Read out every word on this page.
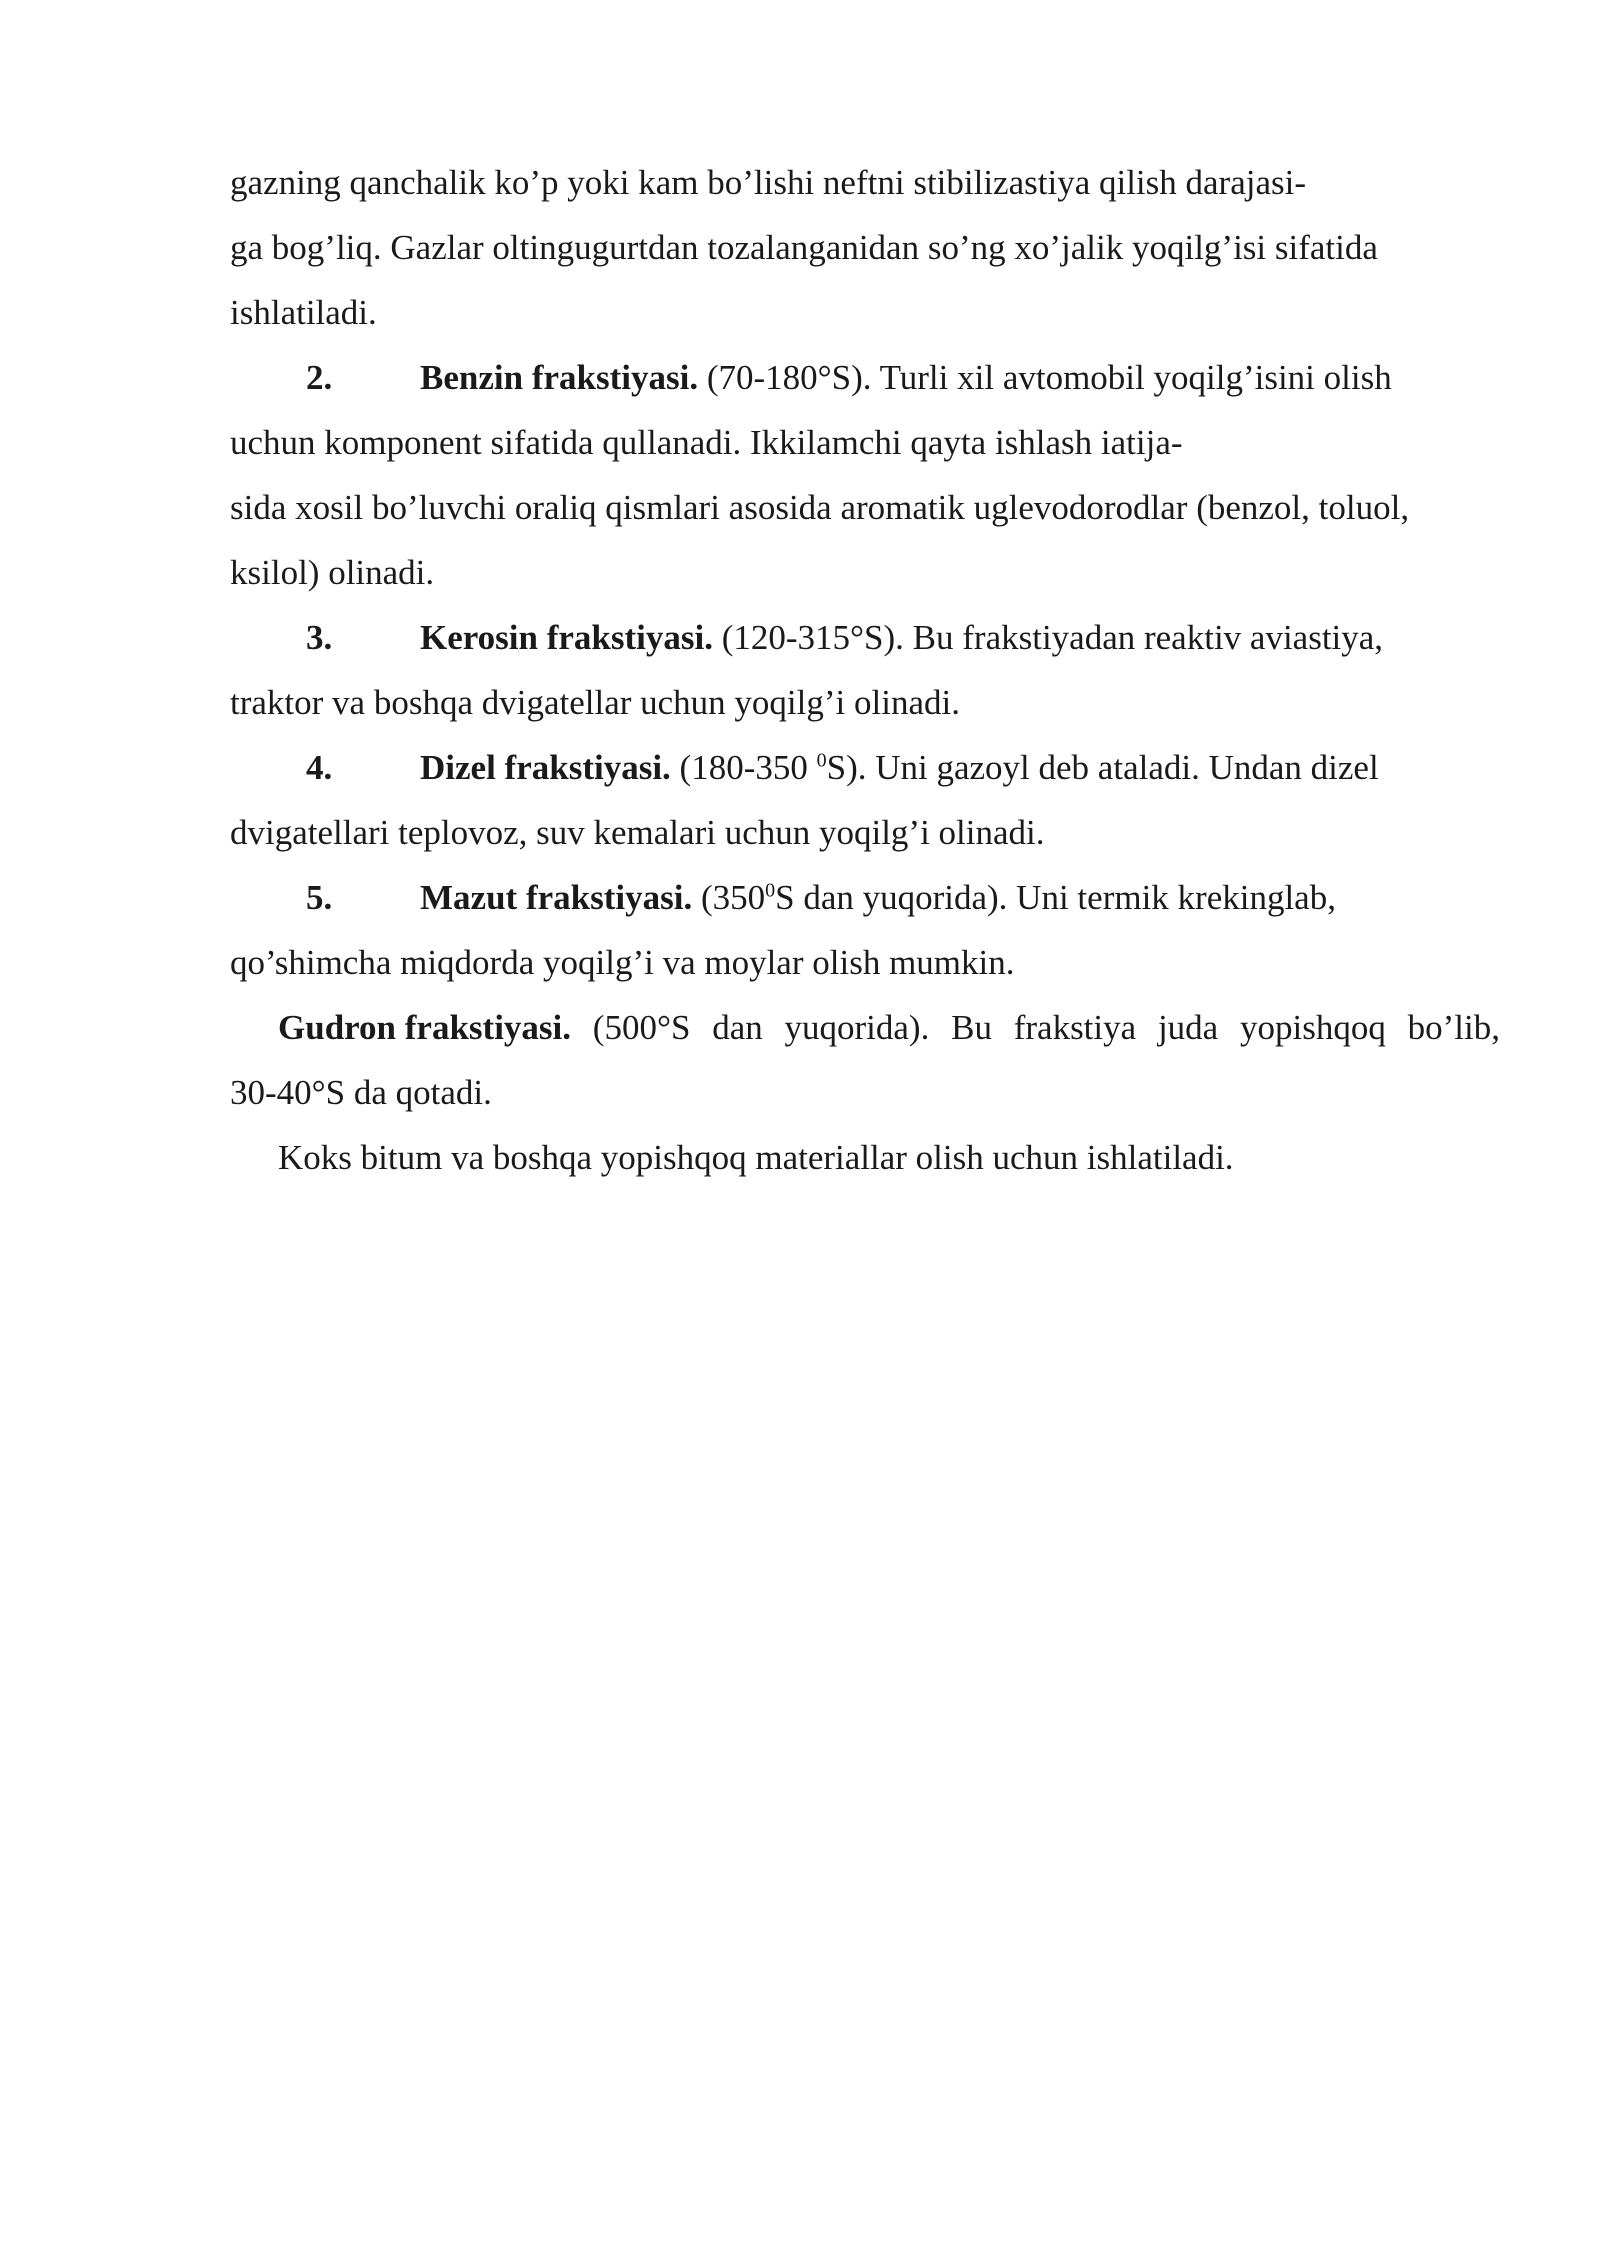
gazning qanchalik ko’p yoki kam bo’lishi neftni stibilizastiya qilish darajasi-
ga bog’liq. Gazlar oltingugurtdan tozalanganidan so’ng xo’jalik yoqilg’isi sifatida
ishlatiladi.
2.	Benzin frakstiyasi. (70-180°S). Turli xil avtomobil yoqilg’isini olish
uchun komponent sifatida qullanadi. Ikkilamchi qayta ishlash iatija-
sida xosil bo’luvchi oraliq qismlari asosida aromatik uglevodorodlar (benzol, toluol,
ksilol) olinadi.
3.	Kerosin frakstiyasi. (120-315°S). Bu frakstiyadan reaktiv aviastiya,
traktor va boshqa dvigatellar uchun yoqilg’i olinadi.
4.	Dizel frakstiyasi. (180-350 $^0$S). Uni gazoyl deb ataladi. Undan dizel
dvigatellari teplovoz, suv kemalari uchun yoqilg’i olinadi.
5.	Mazut frakstiyasi. ($350^0S$ dan yuqorida). Uni termik krekinglab,
qo’shimcha miqdorda yoqilg’i va moylar olish mumkin.
Gudron frakstiyasi. (500°S dan yuqorida). Bu frakstiya juda yopishqoq bo’lib,
30-40°S da qotadi.
Koks bitum va boshqa yopishqoq materiallar olish uchun ishlatiladi.
